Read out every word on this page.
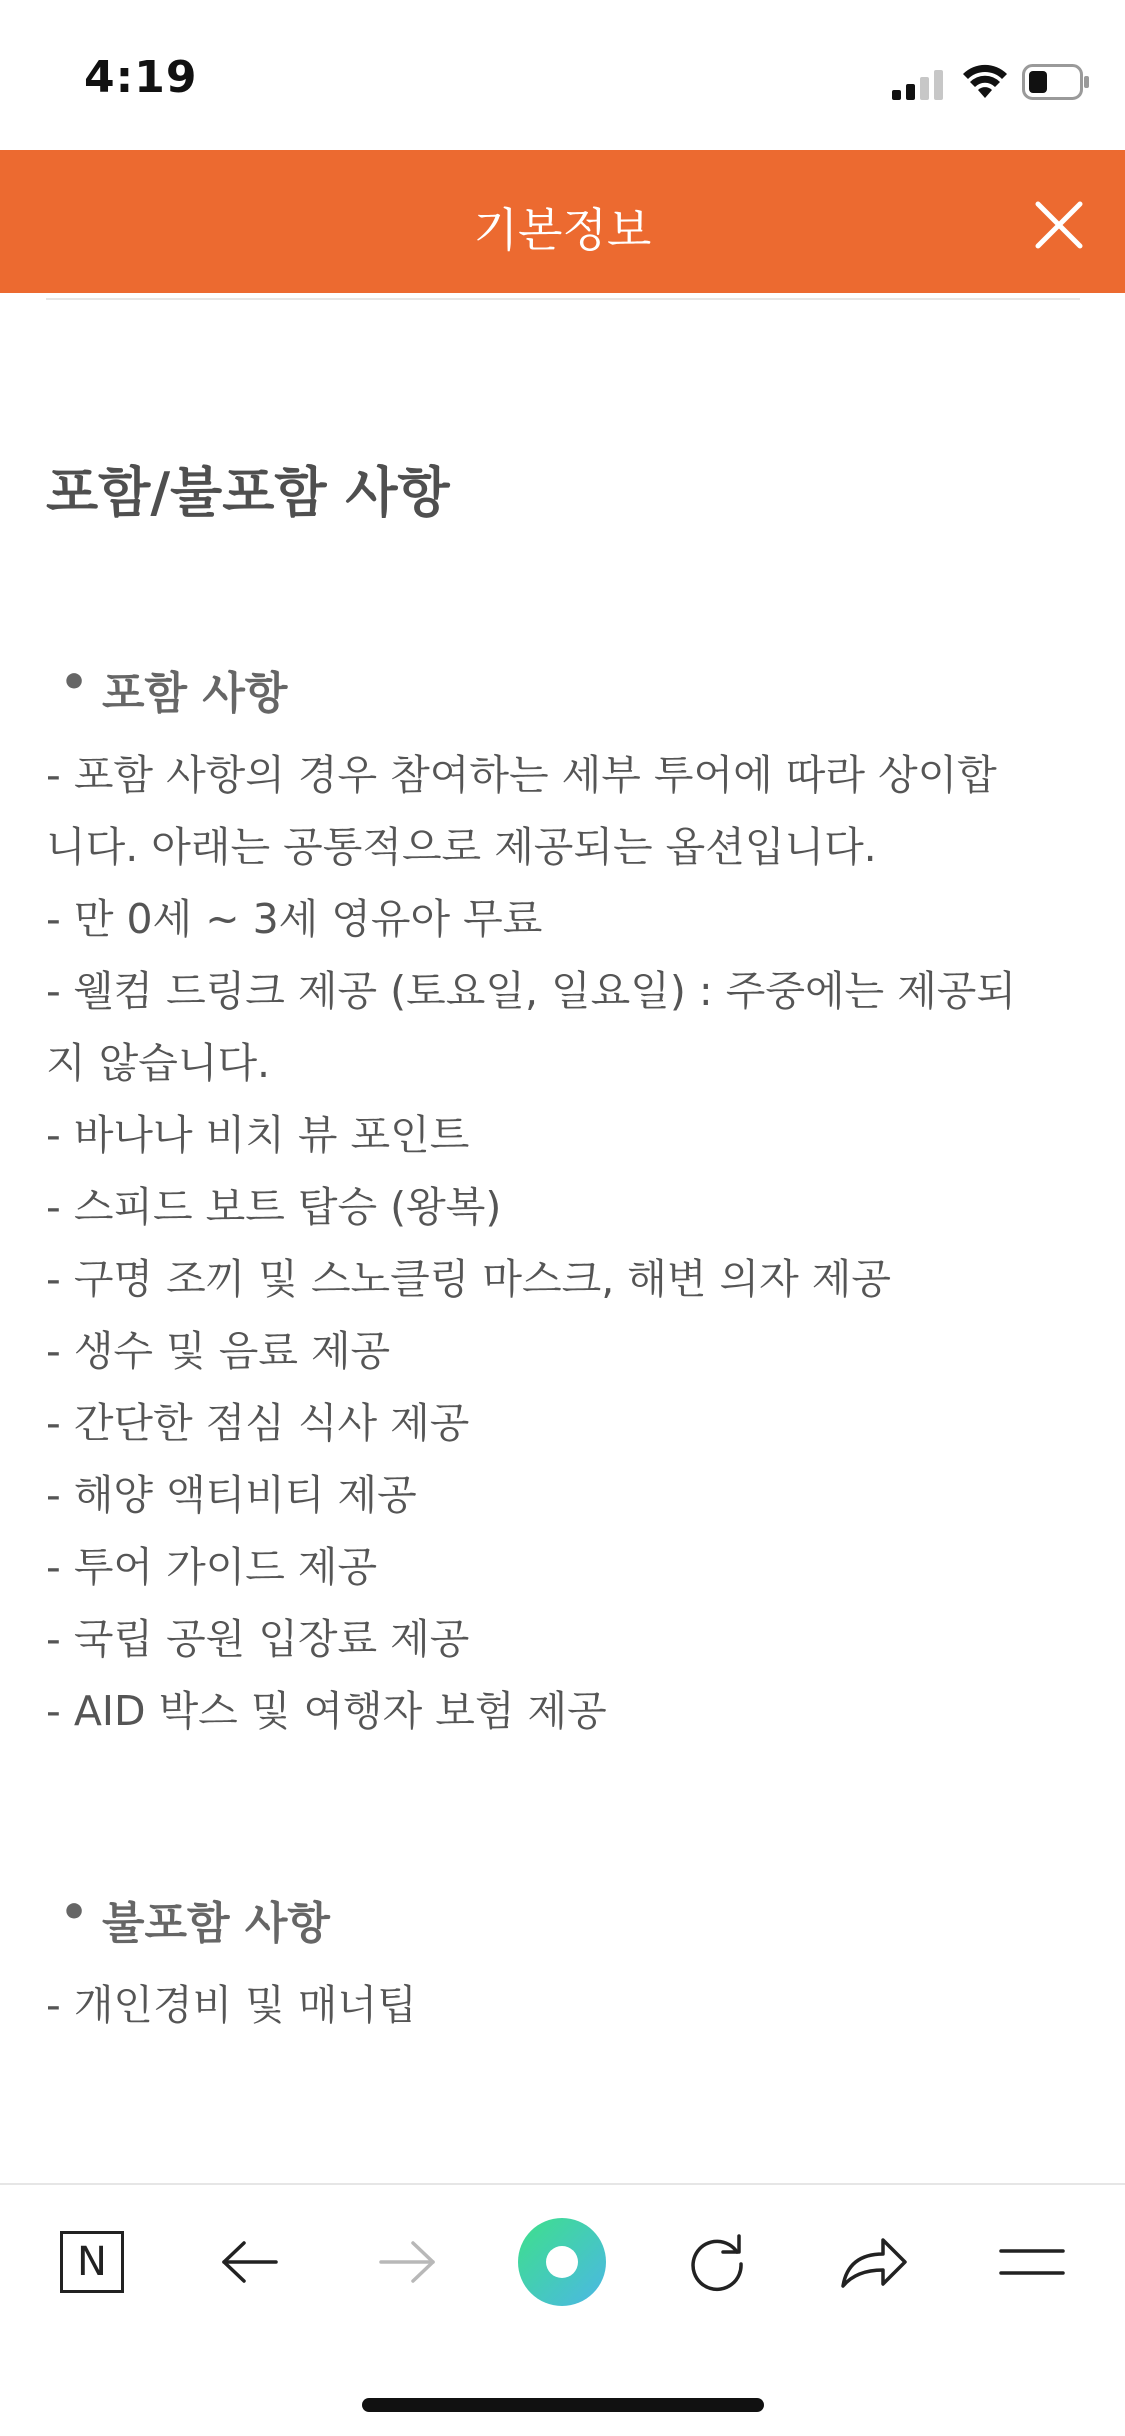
4:19
기본정보
포함/불포함 사항
• 포함 사항

- 포함 사항의 경우 참여하는 세부 투어에 따라 상이합

니다. 아래는 공통적으로 제공되는 옵션입니다.

- 만 0세 ~ 3세 영유아 무료

- 웰컴 드링크 제공 (토요일, 일요일) : 주중에는 제공되

지 않습니다.

- 바나나 비치 뷰 포인트

- 스피드 보트 탑승 (왕복)

- 구명 조끼 및 스노클링 마스크, 해변 의자 제공

- 생수 및 음료 제공

- 간단한 점심 식사 제공

- 해양 액티비티 제공

- 투어 가이드 제공

- 국립 공원 입장료 제공

- AID 박스 및 여행자 보험 제공

• 불포함 사항

- 개인경비 및 매너팁

N
